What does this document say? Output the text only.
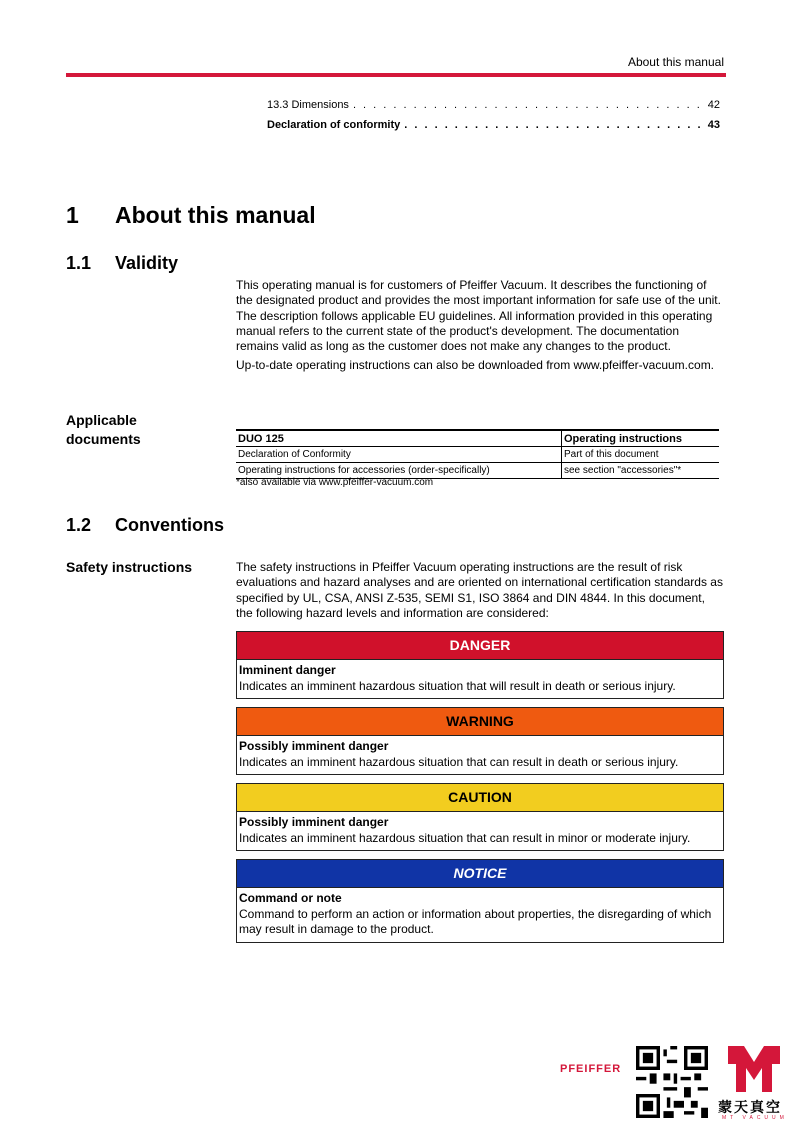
About this manual
13.3 Dimensions . . .	42
Declaration of conformity . . .	43
1 About this manual
1.1 Validity
This operating manual is for customers of Pfeiffer Vacuum. It describes the functioning of the designated product and provides the most important information for safe use of the unit. The description follows applicable EU guidelines. All information provided in this operating manual refers to the current state of the product's development. The documentation remains valid as long as the customer does not make any changes to the product.
Up-to-date operating instructions can also be downloaded from www.pfeiffer-vacuum.com.
Applicable documents	DUO 125	Operating instructions
Declaration of Conformity	Part of this document
Operating instructions for accessories (order-specifically)	see section "accessories"*
*also available via www.pfeiffer-vacuum.com
1.2 Conventions
Safety instructions	The safety instructions in Pfeiffer Vacuum operating instructions are the result of risk evaluations and hazard analyses and are oriented on international certification standards as specified by UL, CSA, ANSI Z-535, SEMI S1, ISO 3864 and DIN 4844. In this document, the following hazard levels and information are considered:
DANGER
Imminent danger
Indicates an imminent hazardous situation that will result in death or serious injury.
WARNING
Possibly imminent danger
Indicates an imminent hazardous situation that can result in death or serious injury.
CAUTION
Possibly imminent danger
Indicates an imminent hazardous situation that can result in minor or moderate injury.
NOTICE
Command or note
Command to perform an action or information about properties, the disregarding of which may result in damage to the product.
PFEIFFER
蒙天真空
MT VACUUM
